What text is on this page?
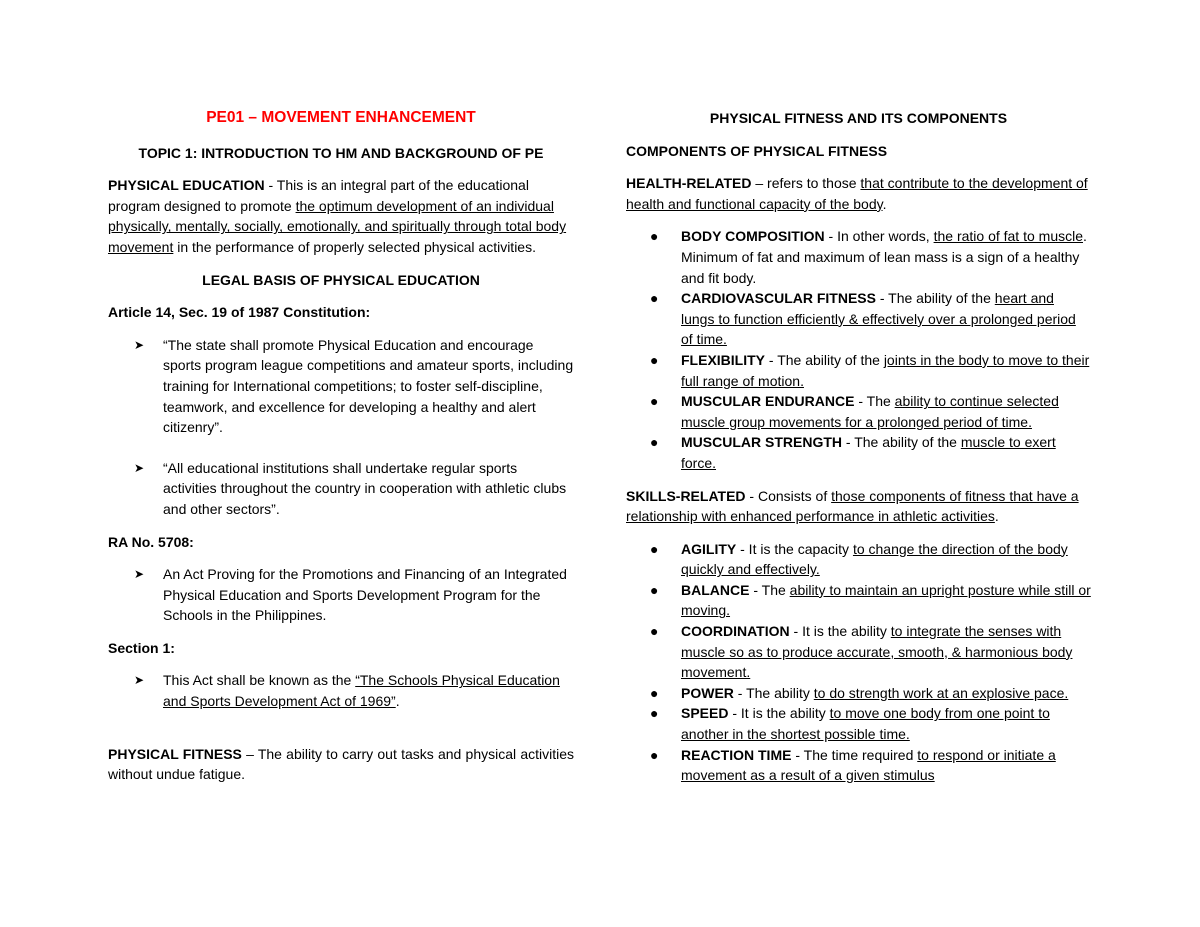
PE01 – MOVEMENT ENHANCEMENT

TOPIC 1: INTRODUCTION TO HM AND BACKGROUND OF PE

PHYSICAL EDUCATION - This is an integral part of the educational program designed to promote the optimum development of an individual physically, mentally, socially, emotionally, and spiritually through total body movement in the performance of properly selected physical activities.

LEGAL BASIS OF PHYSICAL EDUCATION

Article 14, Sec. 19 of 1987 Constitution:

➤ “The state shall promote Physical Education and encourage sports program league competitions and amateur sports, including training for International competitions; to foster self-discipline, teamwork, and excellence for developing a healthy and alert citizenry”.
➤ “All educational institutions shall undertake regular sports activities throughout the country in cooperation with athletic clubs and other sectors”.

RA No. 5708:

➤ An Act Proving for the Promotions and Financing of an Integrated Physical Education and Sports Development Program for the Schools in the Philippines.

Section 1:

➤ This Act shall be known as the “The Schools Physical Education and Sports Development Act of 1969”.

PHYSICAL FITNESS – The ability to carry out tasks and physical activities without undue fatigue.

PHYSICAL FITNESS AND ITS COMPONENTS

COMPONENTS OF PHYSICAL FITNESS

HEALTH-RELATED – refers to those that contribute to the development of health and functional capacity of the body.

● BODY COMPOSITION - In other words, the ratio of fat to muscle. Minimum of fat and maximum of lean mass is a sign of a healthy and fit body.
● CARDIOVASCULAR FITNESS - The ability of the heart and lungs to function efficiently & effectively over a prolonged period of time.
● FLEXIBILITY - The ability of the joints in the body to move to their full range of motion.
● MUSCULAR ENDURANCE - The ability to continue selected muscle group movements for a prolonged period of time.
● MUSCULAR STRENGTH - The ability of the muscle to exert force.

SKILLS-RELATED - Consists of those components of fitness that have a relationship with enhanced performance in athletic activities.

● AGILITY - It is the capacity to change the direction of the body quickly and effectively.
● BALANCE - The ability to maintain an upright posture while still or moving.
● COORDINATION - It is the ability to integrate the senses with muscle so as to produce accurate, smooth, & harmonious body movement.
● POWER - The ability to do strength work at an explosive pace.
● SPEED - It is the ability to move one body from one point to another in the shortest possible time.
● REACTION TIME - The time required to respond or initiate a movement as a result of a given stimulus
